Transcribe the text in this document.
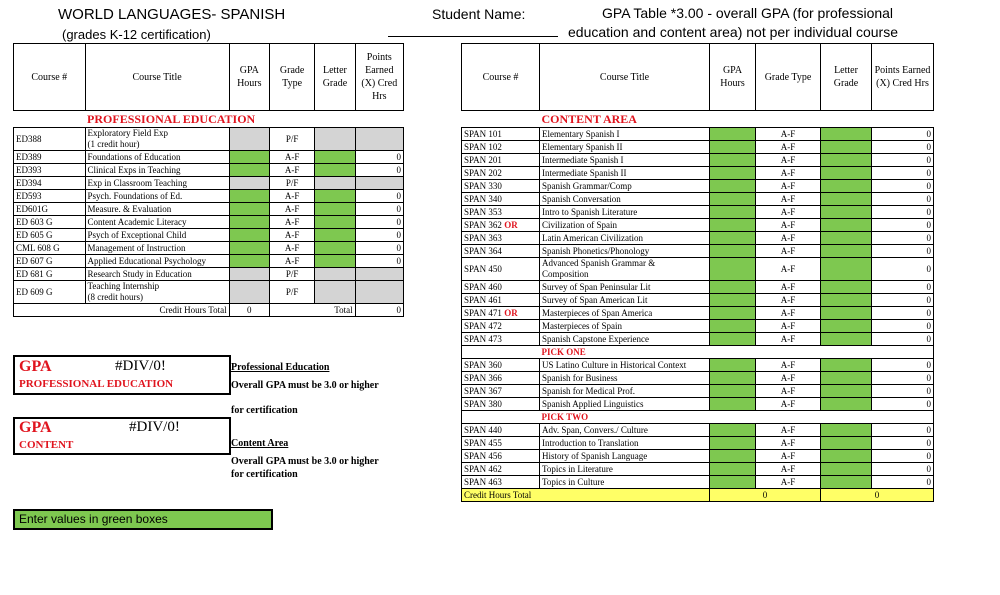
WORLD LANGUAGES- SPANISH
(grades K-12 certification)
Student Name:	GPA Table *3.00 - overall GPA (for professional
education and content area) not per individual course
Course #	Course Title	GPA Hours	Grade Type	Letter Grade	Points Earned (X) Cred Hrs
	PROFESSIONAL EDUCATION				
ED388	Exploratory Field Exp
(1 credit hour)		P/F		
ED389	Foundations of Education		A-F		0
ED393	Clinical Exps in Teaching		A-F		0
ED394	Exp in Classroom Teaching		P/F		
ED593	Psych. Foundations of Ed.		A-F		0
ED601G	Measure. & Evaluation		A-F		0
ED 603 G	Content Academic Literacy		A-F		0
ED 605 G	Psych of Exceptional Child		A-F		0
CML 608 G	Management of Instruction		A-F		0
ED 607 G	Applied Educational Psychology		A-F		0
ED 681 G	Research Study in Education		P/F		
ED 609 G	Teaching Internship
(8 credit hours)		P/F		
Credit Hours Total		0	Total		0
Course #	Course Title	GPA Hours	Grade Type	Letter Grade	Points Earned (X) Cred Hrs
	CONTENT AREA				
SPAN 101	Elementary Spanish I		A-F		0
SPAN 102	Elementary Spanish II		A-F		0
SPAN 201	Intermediate Spanish I		A-F		0
SPAN 202	Intermediate Spanish II		A-F		0
SPAN 330	Spanish Grammar/Comp		A-F		0
SPAN 340	Spanish Conversation		A-F		0
SPAN 353	Intro to Spanish Literature		A-F		0
SPAN 362 OR	Civilization of Spain		A-F		0
SPAN 363	Latin American Civilization		A-F		0
SPAN 364	Spanish Phonetics/Phonology		A-F		0
SPAN 450	Advanced Spanish Grammar &
Composition		A-F		0
SPAN 460	Survey of Span Peninsular Lit		A-F		0
SPAN 461	Survey of Span American Lit		A-F		0
SPAN 471 OR	Masterpieces of Span America		A-F		0
SPAN 472	Masterpieces of Spain		A-F		0
SPAN 473	Spanish Capstone Experience		A-F		0
	PICK ONE				
SPAN 360	US Latino Culture in Historical Context		A-F		0
SPAN 366	Spanish for Business		A-F		0
SPAN 367	Spanish for Medical Prof.		A-F		0
SPAN 380	Spanish Applied Linguistics		A-F		0
	PICK TWO				
SPAN 440	Adv. Span, Convers./ Culture		A-F		0
SPAN 455	Introduction to Translation		A-F		0
SPAN 456	History of Spanish Language		A-F		0
SPAN 462	Topics in Literature		A-F		0
SPAN 463	Topics in Culture		A-F		0
Credit Hours Total		0		0	
GPA	#DIV/0!
PROFESSIONAL EDUCATION
GPA	#DIV/0!
CONTENT
Professional Education
Overall GPA must be 3.0 or higher
for certification
Content Area
Overall GPA must be 3.0 or higher
for certification
Enter values in green boxes
